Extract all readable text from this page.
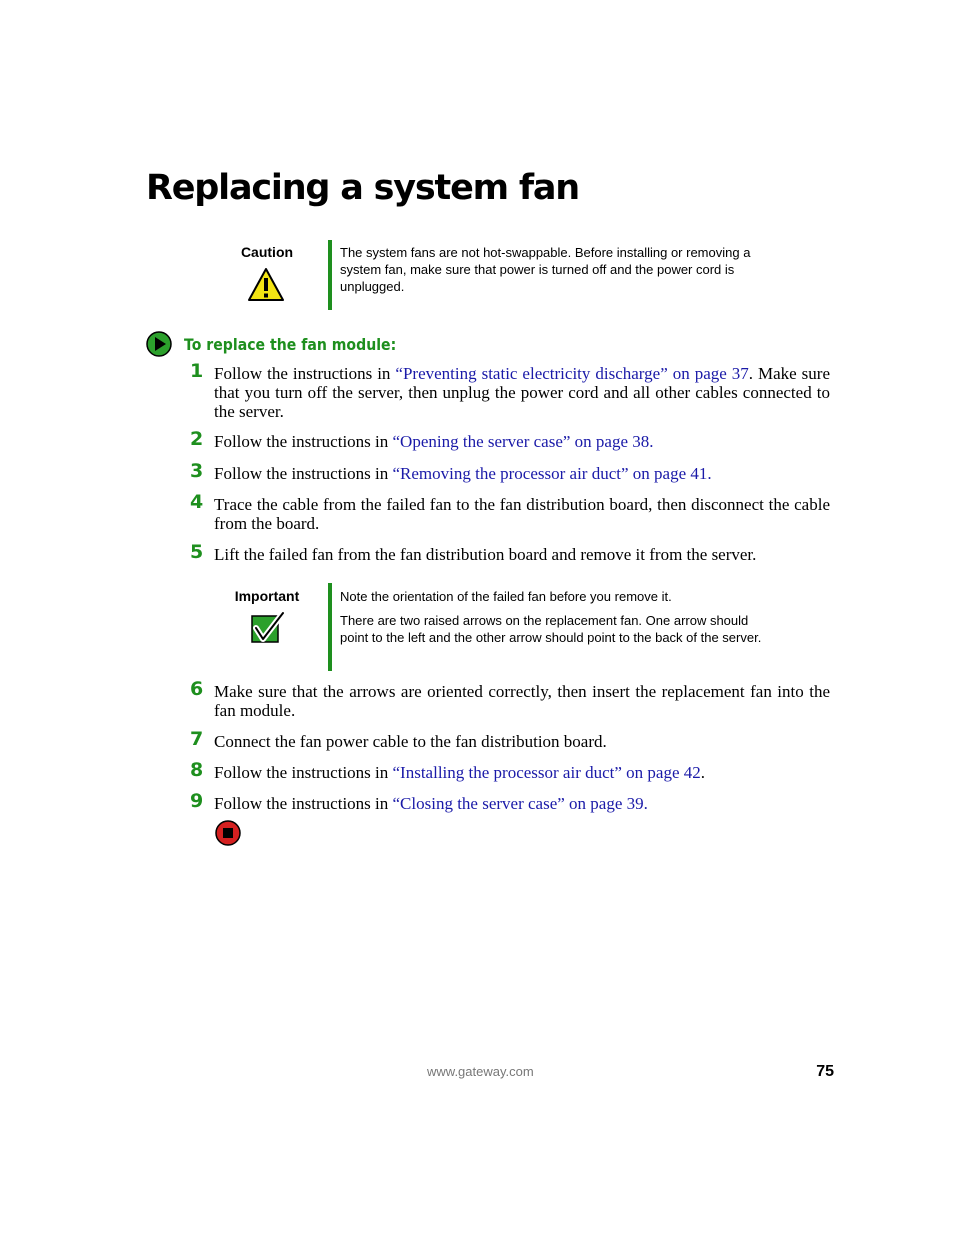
Replacing a system fan
Caution	The system fans are not hot-swappable. Before installing or removing a system fan, make sure that power is turned off and the power cord is unplugged.

To replace the fan module:
1 Follow the instructions in “Preventing static electricity discharge” on page 37. Make sure that you turn off the server, then unplug the power cord and all other cables connected to the server.
2 Follow the instructions in “Opening the server case” on page 38.
3 Follow the instructions in “Removing the processor air duct” on page 41.
4 Trace the cable from the failed fan to the fan distribution board, then disconnect the cable from the board.
5 Lift the failed fan from the fan distribution board and remove it from the server.
Important	Note the orientation of the failed fan before you remove it.

There are two raised arrows on the replacement fan. One arrow should point to the left and the other arrow should point to the back of the server.

6 Make sure that the arrows are oriented correctly, then insert the replacement fan into the fan module.
7 Connect the fan power cable to the fan distribution board.
8 Follow the instructions in “Installing the processor air duct” on page 42.
9 Follow the instructions in “Closing the server case” on page 39.
www.gateway.com	75
